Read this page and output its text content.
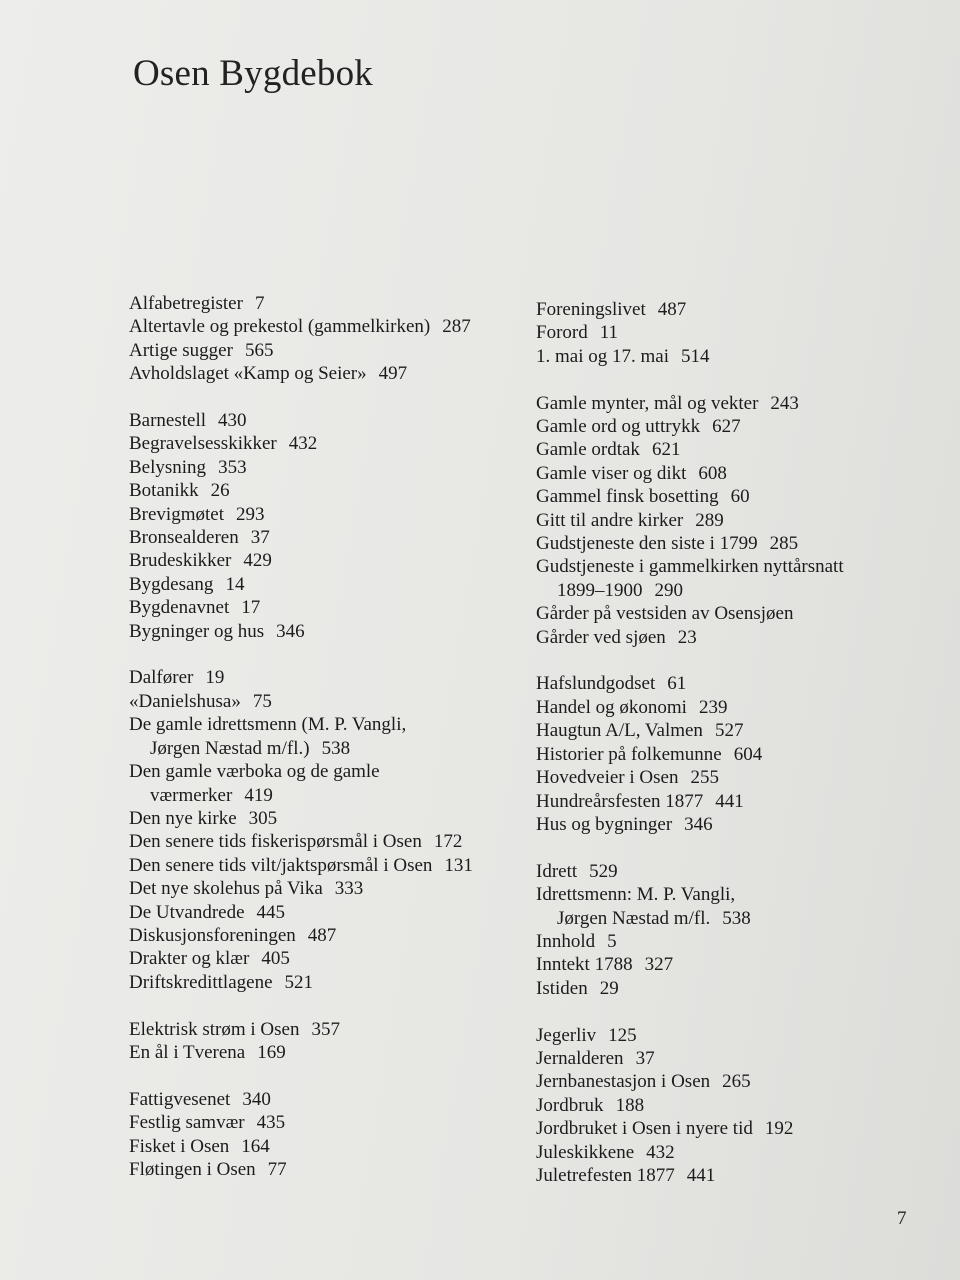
Osen Bygdebok
Alfabetregister 7
Altertavle og prekestol (gammelkirken) 287
Artige sugger 565
Avholdslaget «Kamp og Seier» 497
Barnestell 430
Begravelsesskikker 432
Belysning 353
Botanikk 26
Brevigmøtet 293
Bronsealderen 37
Brudeskikker 429
Bygdesang 14
Bygdenavnet 17
Bygninger og hus 346
Dalfører 19
«Danielshusa» 75
De gamle idrettsmenn (M. P. Vangli,
Jørgen Næstad m/fl.) 538
Den gamle værboka og de gamle
værmerker 419
Den nye kirke 305
Den senere tids fiskerispørsmål i Osen 172
Den senere tids vilt/jaktspørsmål i Osen 131
Det nye skolehus på Vika 333
De Utvandrede 445
Diskusjonsforeningen 487
Drakter og klær 405
Driftskredittlagene 521
Elektrisk strøm i Osen 357
En ål i Tverena 169
Fattigvesenet 340
Festlig samvær 435
Fisket i Osen 164
Fløtingen i Osen 77
Foreningslivet 487
Forord 11
1. mai og 17. mai 514
Gamle mynter, mål og vekter 243
Gamle ord og uttrykk 627
Gamle ordtak 621
Gamle viser og dikt 608
Gammel finsk bosetting 60
Gitt til andre kirker 289
Gudstjeneste den siste i 1799 285
Gudstjeneste i gammelkirken nyttårsnatt
1899–1900 290
Gårder på vestsiden av Osensjøen
Gårder ved sjøen 23
Hafslundgodset 61
Handel og økonomi 239
Haugtun A/L, Valmen 527
Historier på folkemunne 604
Hovedveier i Osen 255
Hundreårsfesten 1877 441
Hus og bygninger 346
Idrett 529
Idrettsmenn: M. P. Vangli,
Jørgen Næstad m/fl. 538
Innhold 5
Inntekt 1788 327
Istiden 29
Jegerliv 125
Jernalderen 37
Jernbanestasjon i Osen 265
Jordbruk 188
Jordbruket i Osen i nyere tid 192
Juleskikkene 432
Juletrefesten 1877 441
7
